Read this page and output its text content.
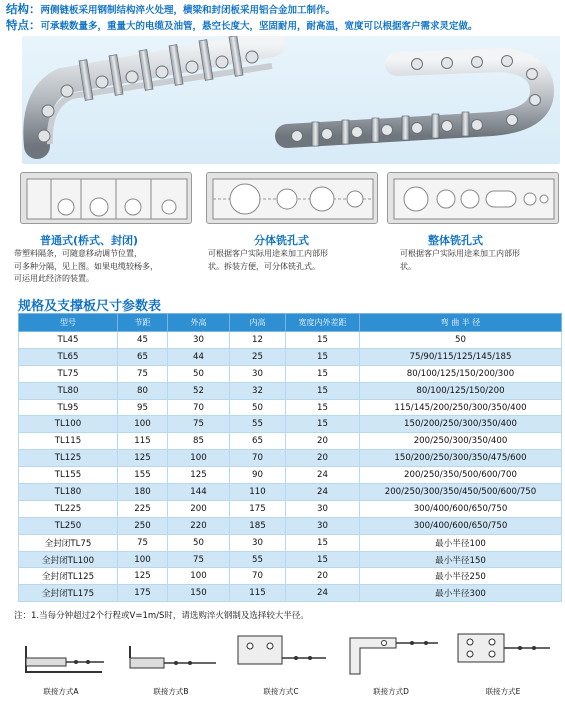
结构：两侧链板采用钢制结构淬火处理，横梁和封闭板采用铝合金加工制作。
特点：可承载数量多，重量大的电缆及油管，悬空长度大，坚固耐用，耐高温，宽度可以根据客户需求灵定做。
普通式(桥式、封闭)	分体铣孔式	整体铣孔式
带塑料隔条，可随意移动调节位置，
可多种分隔，见上图。如果电缆较杨多，
可运用此经济的装置。
可根据客户实际用途来加工内部形
状。拆装方便，可分体铣孔式。
可根据客户实际用途来加工内部形
状。
规格及支撑板尺寸参数表
型号	节距	外高	内高	宽度内外差距	弯 曲 半 径
TL45	45	30	12	15	50
TL65	65	44	25	15	75/90/115/125/145/185
TL75	75	50	30	15	80/100/125/150/200/300
TL80	80	52	32	15	80/100/125/150/200
TL95	95	70	50	15	115/145/200/250/300/350/400
TL100	100	75	55	15	150/200/250/300/350/400
TL115	115	85	65	20	200/250/300/350/400
TL125	125	100	70	20	150/200/250/300/350/475/600
TL155	155	125	90	24	200/250/350/500/600/700
TL180	180	144	110	24	200/250/300/350/450/500/600/750
TL225	225	200	175	30	300/400/600/650/750
TL250	250	220	185	30	300/400/600/650/750
全封闭TL75	75	50	30	15	最小半径100
全封闭TL100	100	75	55	15	最小半径150
全封闭TL125	125	100	70	20	最小半径250
全封闭TL175	175	150	115	24	最小半径300
注：1.当每分钟超过2个行程或V=1m/S时，请选购淬火钢制及选择较大半径。
联接方式A	联接方式B	联接方式C	联接方式D	联接方式E
